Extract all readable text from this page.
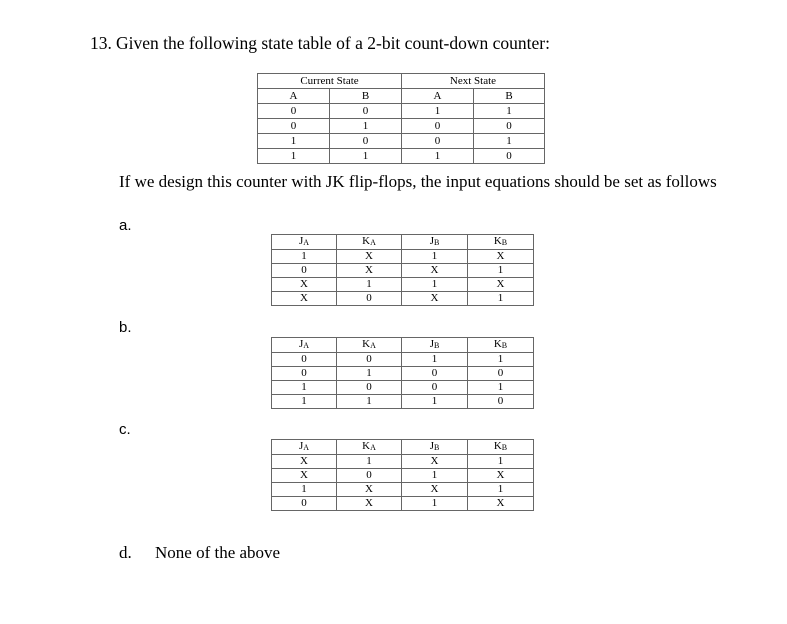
13. Given the following state table of a 2-bit count-down counter:
Current State		Next State	
A	B	A	B
0	0	1	1
0	1	0	0
1	0	0	1
1	1	1	0
If we design this counter with JK flip-flops, the input equations should be set as follows
a.
$J_A$	$K_A$	$J_B$	$K_B$
1	X	1	X
0	X	X	1
X	1	1	X
X	0	X	1
b.
$J_A$	$K_A$	$J_B$	$K_B$
0	0	1	1
0	1	0	0
1	0	0	1
1	1	1	0
c.
$J_A$	$K_A$	$J_B$	$K_B$
X	1	X	1
X	0	1	X
1	X	X	1
0	X	1	X
d. None of the above
